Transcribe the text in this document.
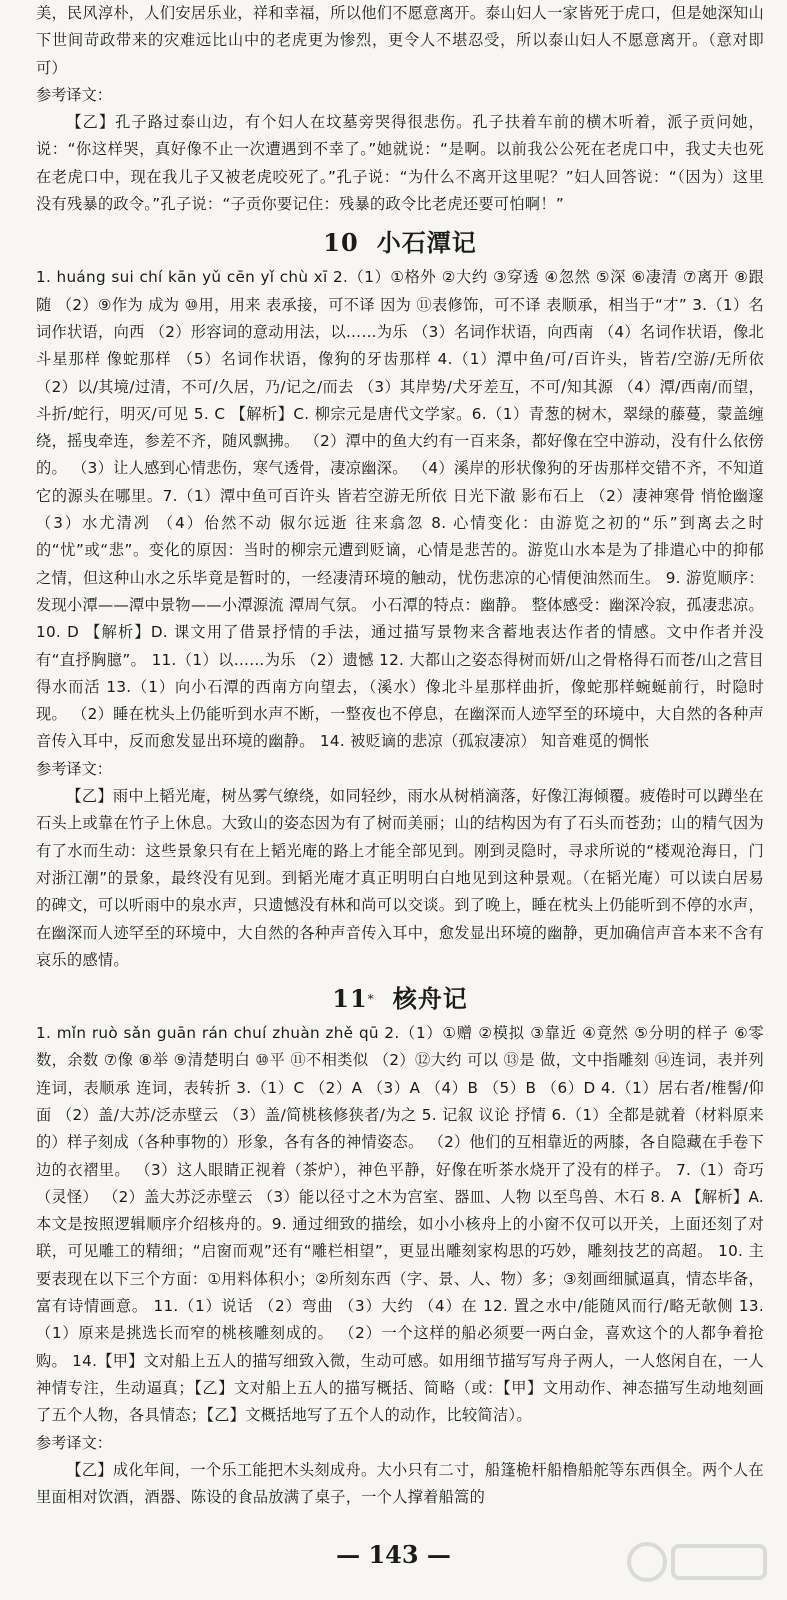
美，民风淳朴，人们安居乐业，祥和幸福，所以他们不愿意离开。泰山妇人一家皆死于虎口，但是她深知山下世间苛政带来的灾难远比山中的老虎更为惨烈，更令人不堪忍受，所以泰山妇人不愿意离开。（意对即可）

参考译文：

【乙】孔子路过泰山边，有个妇人在坟墓旁哭得很悲伤。孔子扶着车前的横木听着，派子贡问她，说：“你这样哭，真好像不止一次遭遇到不幸了。”她就说：“是啊。以前我公公死在老虎口中，我丈夫也死在老虎口中，现在我儿子又被老虎咬死了。”孔子说：“为什么不离开这里呢？”妇人回答说：“（因为）这里没有残暴的政令。”孔子说：“子贡你要记住：残暴的政令比老虎还要可怕啊！”

10 小石潭记

1. huáng sui chí kān yǔ cēn yǐ chù xī 2.（1）①格外 ②大约 ③穿透 ④忽然 ⑤深 ⑥凄清 ⑦离开 ⑧跟随 （2）⑨作为 成为 ⑩用，用来 表承接，可不译 因为 ⑪表修饰，可不译 表顺承，相当于“才” 3.（1）名词作状语，向西 （2）形容词的意动用法，以……为乐 （3）名词作状语，向西南 （4）名词作状语，像北斗星那样 像蛇那样 （5）名词作状语，像狗的牙齿那样 4.（1）潭中鱼/可/百许头，皆若/空游/无所依 （2）以/其境/过清，不可/久居，乃/记之/而去 （3）其岸势/犬牙差互，不可/知其源 （4）潭/西南/而望，斗折/蛇行，明灭/可见 5. C 【解析】C. 柳宗元是唐代文学家。6.（1）青葱的树木，翠绿的藤蔓，蒙盖缠绕，摇曳牵连，参差不齐，随风飘拂。 （2）潭中的鱼大约有一百来条，都好像在空中游动，没有什么依傍的。 （3）让人感到心情悲伤，寒气透骨，凄凉幽深。 （4）溪岸的形状像狗的牙齿那样交错不齐，不知道它的源头在哪里。7.（1）潭中鱼可百许头 皆若空游无所依 日光下澈 影布石上 （2）凄神寒骨 悄怆幽邃 （3）水尤清冽 （4）佁然不动 俶尔远逝 往来翕忽 8. 心情变化：由游览之初的“乐”到离去之时的“忧”或“悲”。变化的原因：当时的柳宗元遭到贬谪，心情是悲苦的。游览山水本是为了排遣心中的抑郁之情，但这种山水之乐毕竟是暂时的，一经凄清环境的触动，忧伤悲凉的心情便油然而生。 9. 游览顺序：发现小潭——潭中景物——小潭源流 潭周气氛。 小石潭的特点：幽静。 整体感受：幽深冷寂，孤凄悲凉。 10. D 【解析】D. 课文用了借景抒情的手法，通过描写景物来含蓄地表达作者的情感。文中作者并没有“直抒胸臆”。 11.（1）以……为乐 （2）遗憾 12. 大都山之姿态得树而妍/山之骨格得石而苍/山之营目得水而活 13.（1）向小石潭的西南方向望去，（溪水）像北斗星那样曲折，像蛇那样蜿蜒前行，时隐时现。 （2）睡在枕头上仍能听到水声不断，一整夜也不停息，在幽深而人迹罕至的环境中，大自然的各种声音传入耳中，反而愈发显出环境的幽静。 14. 被贬谪的悲凉（孤寂凄凉） 知音难觅的惆怅

参考译文：

【乙】雨中上韬光庵，树丛雾气缭绕，如同轻纱，雨水从树梢滴落，好像江海倾覆。疲倦时可以蹲坐在石头上或靠在竹子上休息。大致山的姿态因为有了树而美丽；山的结构因为有了石头而苍劲；山的精气因为有了水而生动：这些景象只有在上韬光庵的路上才能全部见到。刚到灵隐时，寻求所说的“楼观沧海日，门对浙江潮”的景象，最终没有见到。到韬光庵才真正明明白白地见到这种景观。（在韬光庵）可以读白居易的碑文，可以听雨中的泉水声，只遗憾没有林和尚可以交谈。到了晚上，睡在枕头上仍能听到不停的水声，在幽深而人迹罕至的环境中，大自然的各种声音传入耳中，愈发显出环境的幽静，更加确信声音本来不含有哀乐的感情。

11* 核舟记

1. mǐn ruò sǎn guān rán chuí zhuàn zhě qū 2.（1）①赠 ②模拟 ③靠近 ④竟然 ⑤分明的样子 ⑥零数，余数 ⑦像 ⑧举 ⑨清楚明白 ⑩平 ⑪不相类似 （2）⑫大约 可以 ⑬是 做，文中指雕刻 ⑭连词，表并列 连词，表顺承 连词，表转折 3.（1）C （2）A （3）A （4）B （5）B （6）D 4.（1）居右者/椎髻/仰面 （2）盖/大苏/泛赤壁云 （3）盖/简桃核修狭者/为之 5. 记叙 议论 抒情 6.（1）全都是就着（材料原来的）样子刻成（各种事物的）形象，各有各的神情姿态。 （2）他们的互相靠近的两膝，各自隐藏在手卷下边的衣褶里。 （3）这人眼睛正视着（茶炉），神色平静，好像在听茶水烧开了没有的样子。 7.（1）奇巧（灵怪） （2）盖大苏泛赤壁云 （3）能以径寸之木为宫室、器皿、人物 以至鸟兽、木石 8. A 【解析】A. 本文是按照逻辑顺序介绍核舟的。9. 通过细致的描绘，如小小核舟上的小窗不仅可以开关，上面还刻了对联，可见雕工的精细；“启窗而观”还有“雕栏相望”，更显出雕刻家构思的巧妙，雕刻技艺的高超。 10. 主要表现在以下三个方面：①用料体积小；②所刻东西（字、景、人、物）多；③刻画细腻逼真，情态毕备，富有诗情画意。 11.（1）说话 （2）弯曲 （3）大约 （4）在 12. 置之水中/能随风而行/略无欹侧 13.（1）原来是挑选长而窄的桃核雕刻成的。 （2）一个这样的船必须要一两白金，喜欢这个的人都争着抢购。 14.【甲】文对船上五人的描写细致入微，生动可感。如用细节描写写舟子两人，一人悠闲自在，一人神情专注，生动逼真；【乙】文对船上五人的描写概括、简略（或：【甲】文用动作、神态描写生动地刻画了五个人物，各具情态；【乙】文概括地写了五个人的动作，比较简洁）。

参考译文：

【乙】成化年间，一个乐工能把木头刻成舟。大小只有二寸，船篷桅杆船橹船舵等东西俱全。两个人在里面相对饮酒，酒器、陈设的食品放满了桌子，一个人撑着船篙的

— 143 —
